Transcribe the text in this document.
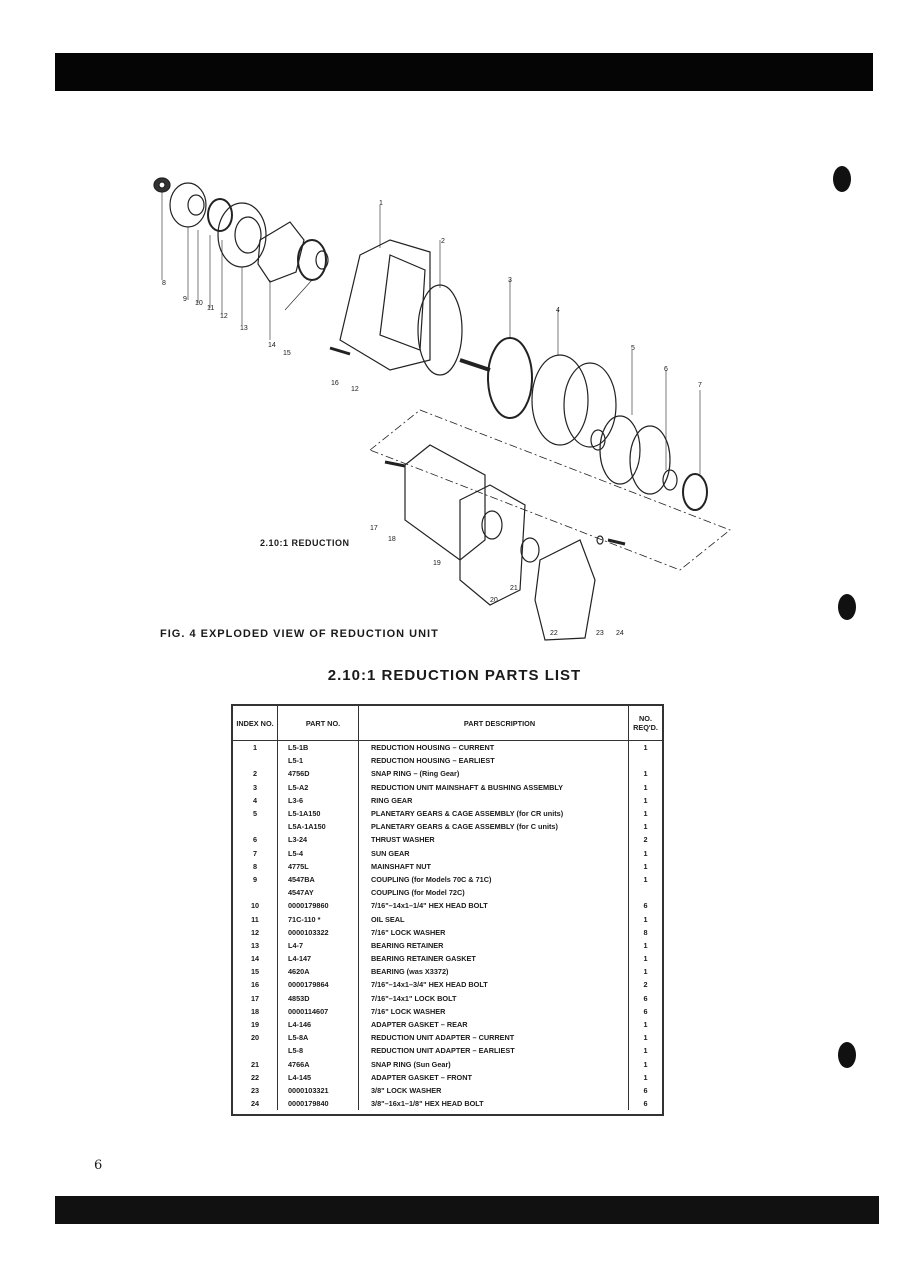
8
9
10
11
12
13
14
15
1
16
12
2
3
4
5
6
7
17
18
19
20
21
22	23 24
2.10:1 REDUCTION
FIG. 4 EXPLODED VIEW OF REDUCTION UNIT
2.10:1 REDUCTION PARTS LIST
INDEX NO.	PART NO.	PART DESCRIPTION	NO. REQ'D.
1	L5-1B	REDUCTION HOUSING – CURRENT	1
	L5-1	REDUCTION HOUSING – EARLIEST	
2	4756D	SNAP RING – (Ring Gear)	1
3	L5-A2	REDUCTION UNIT MAINSHAFT & BUSHING ASSEMBLY	1
4	L3-6	RING GEAR	1
5	L5-1A150	PLANETARY GEARS & CAGE ASSEMBLY (for CR units)	1
	L5A-1A150	PLANETARY GEARS & CAGE ASSEMBLY (for C units)	1
6	L3-24	THRUST WASHER	2
7	L5-4	SUN GEAR	1
8	4775L	MAINSHAFT NUT	1
9	4547BA	COUPLING (for Models 70C & 71C)	1
	4547AY	COUPLING (for Model 72C)	
10	0000179860	7/16"–14x1–1/4" HEX HEAD BOLT	6
11	71C-110 *	OIL SEAL	1
12	0000103322	7/16" LOCK WASHER	8
13	L4-7	BEARING RETAINER	1
14	L4-147	BEARING RETAINER GASKET	1
15	4620A	BEARING (was X3372)	1
16	0000179864	7/16"–14x1–3/4" HEX HEAD BOLT	2
17	4853D	7/16"–14x1" LOCK BOLT	6
18	0000114607	7/16" LOCK WASHER	6
19	L4-146	ADAPTER GASKET – REAR	1
20	L5-8A	REDUCTION UNIT ADAPTER – CURRENT	1
	L5-8	REDUCTION UNIT ADAPTER – EARLIEST	1
21	4766A	SNAP RING (Sun Gear)	1
22	L4-145	ADAPTER GASKET – FRONT	1
23	0000103321	3/8" LOCK WASHER	6
24	0000179840	3/8"–16x1–1/8" HEX HEAD BOLT	6

6
